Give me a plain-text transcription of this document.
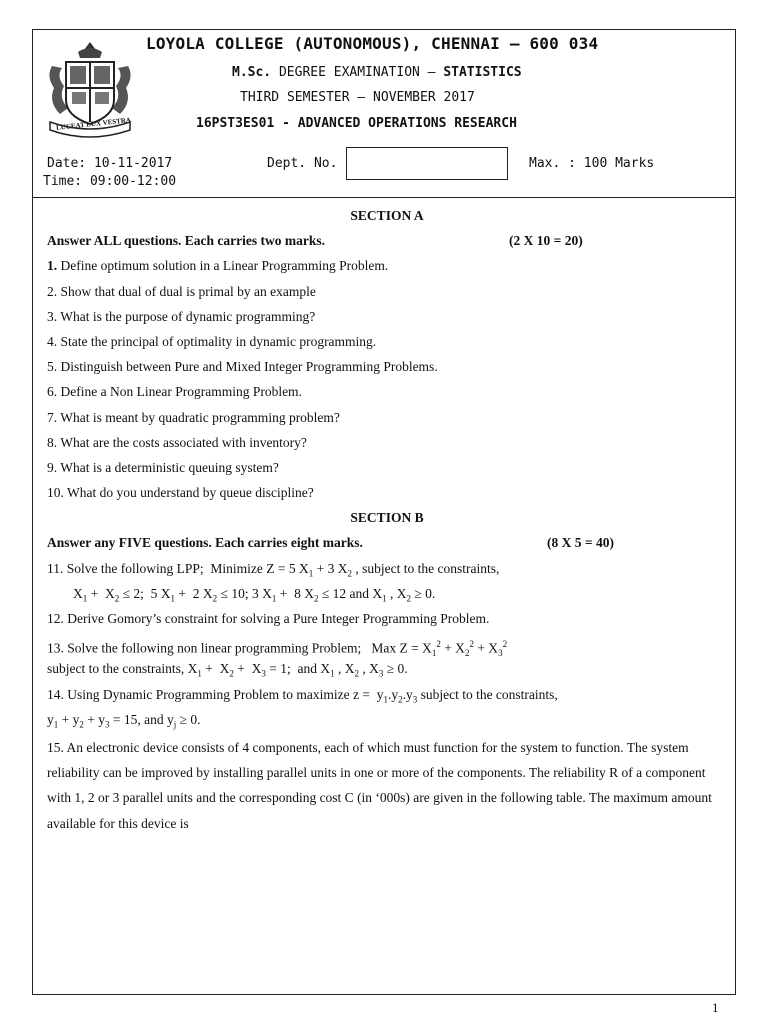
LUCEAT LUX VESTRA
LOYOLA COLLEGE (AUTONOMOUS), CHENNAI – 600 034
M.Sc. DEGREE EXAMINATION – STATISTICS
THIRD SEMESTER – NOVEMBER 2017
16PST3ES01 - ADVANCED OPERATIONS RESEARCH
Date: 10-11-2017
Time: 09:00-12:00
Dept. No.	Max. : 100 Marks
SECTION A
Answer ALL questions. Each carries two marks.	(2 X 10 = 20)
1. Define optimum solution in a Linear Programming Problem.
2. Show that dual of dual is primal by an example
3. What is the purpose of dynamic programming?
4. State the principal of optimality in dynamic programming.
5. Distinguish between Pure and Mixed Integer Programming Problems.
6. Define a Non Linear Programming Problem.
7. What is meant by quadratic programming problem?
8. What are the costs associated with inventory?
9. What is a deterministic queuing system?
10. What do you understand by queue discipline?
SECTION B
Answer any FIVE questions. Each carries eight marks.	(8 X 5 = 40)
11. Solve the following LPP;  Minimize Z = 5 $X_1 + 3$ $X_2$ , subject to the constraints,
$X_1 + X_2 \le 2$;  5 $X_1 + 2$ $X_2 \le 10$; 3 $X_1 + 8$ $X_2 \le 12$ and $X_1$ , $X_2 \ge 0$.
12. Derive Gomory’s constraint for solving a Pure Integer Programming Problem.
13. Solve the following non linear programming Problem;   Max $Z = X_1^2 + X_2^2 + X_3^2$
subject to the constraints, $X_1 + X_2 + X_3 = 1$;  and $X_1$ , $X_2$ , $X_3 \ge 0$.
14. Using Dynamic Programming Problem to maximize $z = y_1.y_2.y_3$ subject to the constraints,
$y_1 + y_2 + y_3 = 15$, and $y_j \ge 0$.
15. An electronic device consists of 4 components, each of which must function for the system to function. The system reliability can be improved by installing parallel units in one or more of the components. The reliability R of a component with 1, 2 or 3 parallel units and the corresponding cost C (in ‘000s) are given in the following table. The maximum amount available for this device is
1
